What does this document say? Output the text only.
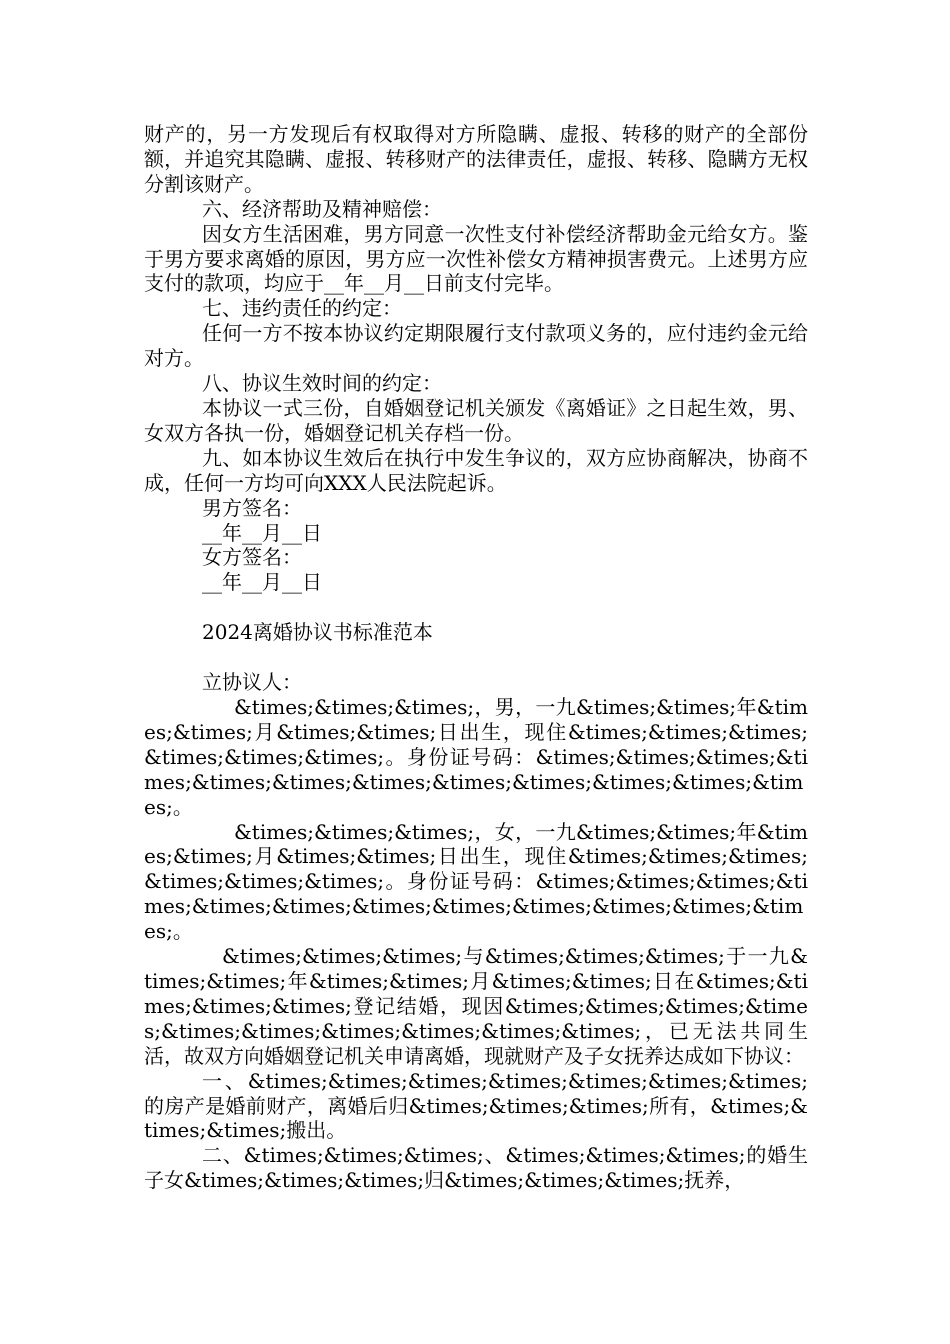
财产的，另一方发现后有权取得对方所隐瞒、虚报、转移的财产的全部份额，并追究其隐瞒、虚报、转移财产的法律责任，虚报、转移、隐瞒方无权分割该财产。

六、经济帮助及精神赔偿：

因女方生活困难，男方同意一次性支付补偿经济帮助金元给女方。鉴于男方要求离婚的原因，男方应一次性补偿女方精神损害费元。上述男方应支付的款项，均应于__年__月__日前支付完毕。

七、违约责任的约定：

任何一方不按本协议约定期限履行支付款项义务的，应付违约金元给对方。

八、协议生效时间的约定：

本协议一式三份，自婚姻登记机关颁发《离婚证》之日起生效，男、女双方各执一份，婚姻登记机关存档一份。

九、如本协议生效后在执行中发生争议的，双方应协商解决，协商不成，任何一方均可向XXX人民法院起诉。

男方签名：

__年__月__日

女方签名：

__年__月__日

2024离婚协议书标准范本

立协议人：

&times;&times;&times;，男，一九&times;&times;年&times;&times;月&times;&times;日出生，现住&times;&times;&times;&times;&times;&times;。身份证号码：&times;&times;&times;&times;&times;&times;&times;&times;&times;&times;&times;&times;。

&times;&times;&times;，女，一九&times;&times;年&times;&times;月&times;&times;日出生，现住&times;&times;&times;&times;&times;&times;。身份证号码：&times;&times;&times;&times;&times;&times;&times;&times;&times;&times;&times;&times;。

&times;&times;&times;与&times;&times;&times;于一九&times;&times;年&times;&times;月&times;&times;日在&times;&times;&times;&times;登记结婚，现因&times;&times;&times;&times;&times;&times;&times;&times;&times;&times;，已无法共同生活，故双方向婚姻登记机关申请离婚，现就财产及子女抚养达成如下协议：

一、&times;&times;&times;&times;&times;&times;&times;的房产是婚前财产，离婚后归&times;&times;&times;所有，&times;&times;&times;搬出。

二、&times;&times;&times;、&times;&times;&times;的婚生子女&times;&times;&times;归&times;&times;&times;抚养，
